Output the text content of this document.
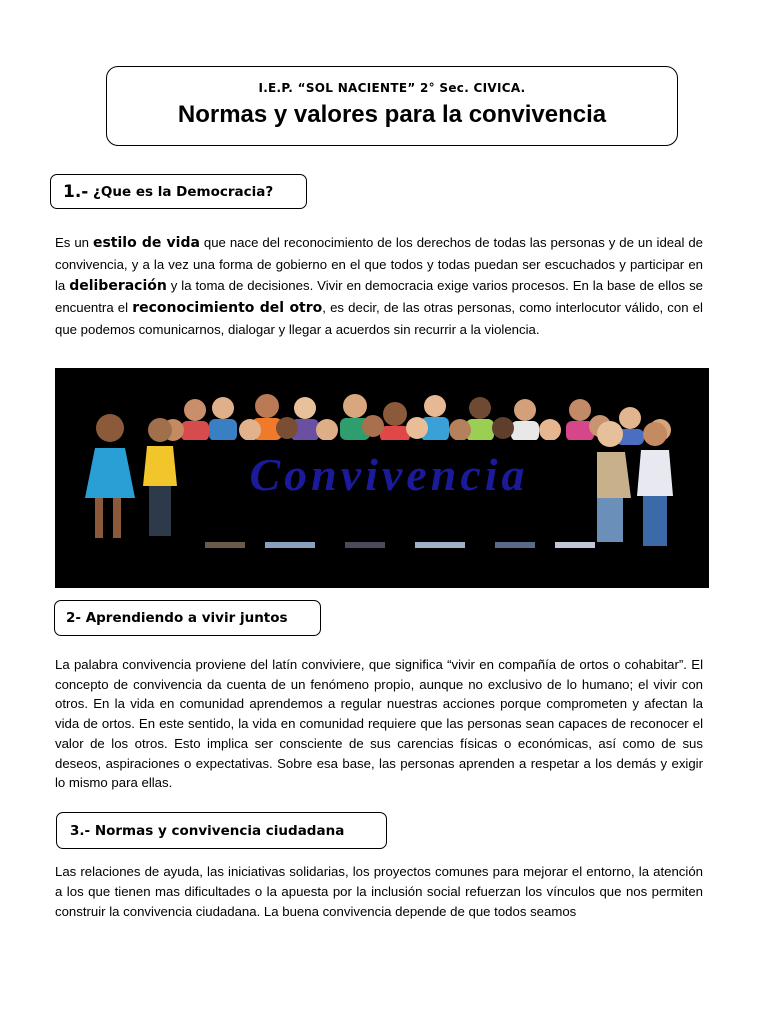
I.E.P. “SOL NACIENTE” 2° Sec. CIVICA.
Normas y valores para la convivencia
1.-
¿Que es la Democracia?
Es un estilo de vida que nace del reconocimiento de los derechos de todas las personas y de un ideal de convivencia, y a la vez una forma de gobierno en el que todos y todas puedan ser escuchados y participar en la deliberación y la toma de decisiones. Vivir en democracia exige varios procesos. En la base de ellos se encuentra el reconocimiento del otro, es decir, de las otras personas, como interlocutor válido, con el que podemos comunicarnos, dialogar y llegar a acuerdos sin recurrir a la violencia.
Convivencia
2- Aprendiendo a vivir juntos
La palabra convivencia proviene del latín conviviere, que significa “vivir en compañía de ortos o cohabitar”. El concepto de convivencia da cuenta de un fenómeno propio, aunque no exclusivo de lo humano; el vivir con otros. En la vida en comunidad aprendemos a regular nuestras acciones porque comprometen y afectan la vida de ortos. En este sentido, la vida en comunidad requiere que las personas sean capaces de reconocer el valor de los otros. Esto implica ser consciente de sus carencias físicas o económicas, así como de sus deseos, aspiraciones o expectativas. Sobre esa base, las personas aprenden a respetar a los demás y exigir lo mismo para ellas.
3.- Normas y convivencia ciudadana
Las relaciones de ayuda, las iniciativas solidarias, los proyectos comunes para mejorar el entorno, la atención a los que tienen mas dificultades o la apuesta por la inclusión social refuerzan los vínculos que nos permiten construir la convivencia ciudadana. La buena convivencia depende de que todos seamos
